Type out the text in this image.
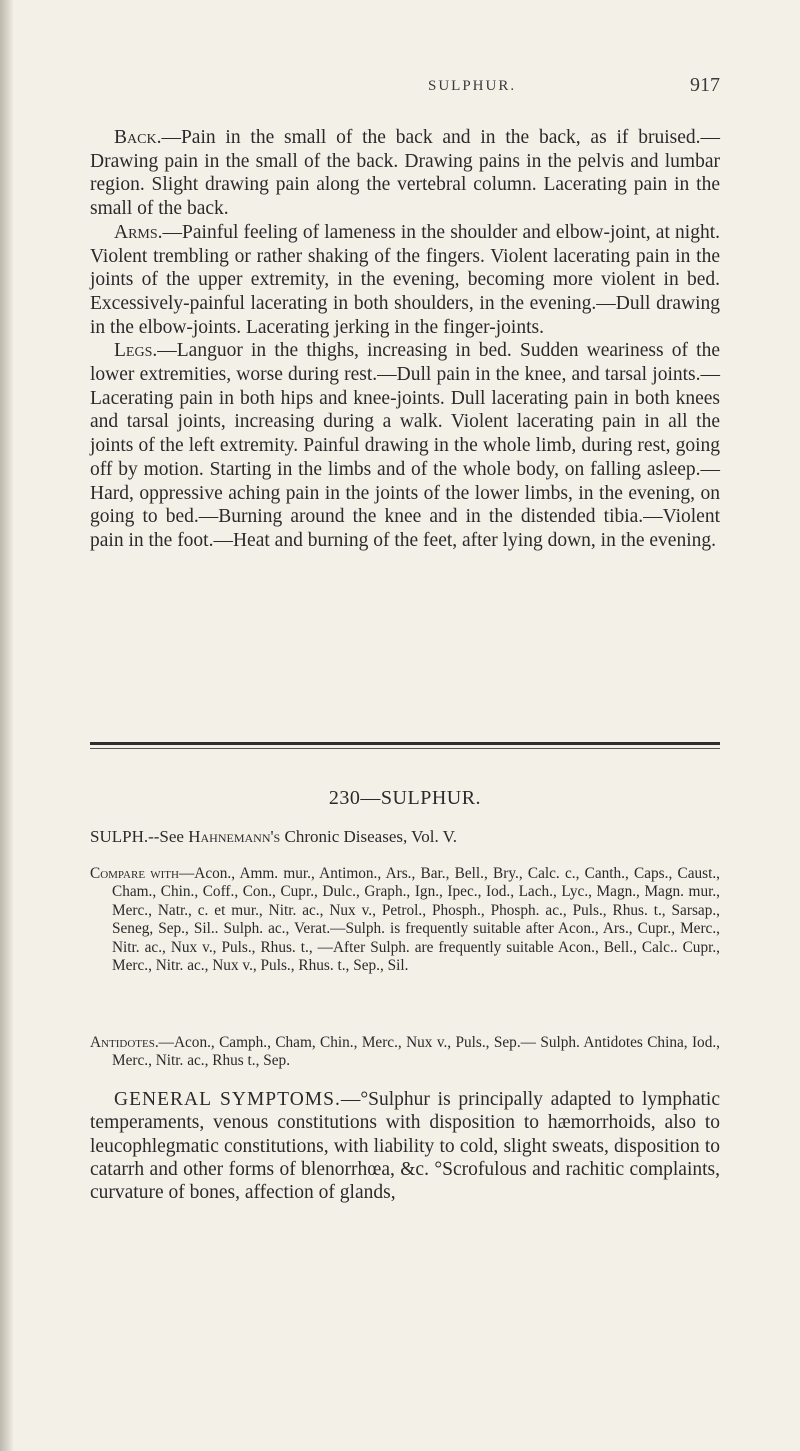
SULPHUR.	917

Back.—Pain in the small of the back and in the back, as if bruised.—Drawing pain in the small of the back. Drawing pains in the pelvis and lumbar region. Slight drawing pain along the vertebral column. Lacerating pain in the small of the back.

Arms.—Painful feeling of lameness in the shoulder and elbow-joint, at night. Violent trembling or rather shaking of the fingers. Violent lacerating pain in the joints of the upper extremity, in the evening, becoming more violent in bed. Excessively-painful lacerating in both shoulders, in the evening.—Dull drawing in the elbow-joints. Lacerating jerking in the finger-joints.

Legs.—Languor in the thighs, increasing in bed. Sudden weariness of the lower extremities, worse during rest.—Dull pain in the knee, and tarsal joints.—Lacerating pain in both hips and knee-joints. Dull lacerating pain in both knees and tarsal joints, increasing during a walk. Violent lacerating pain in all the joints of the left extremity. Painful drawing in the whole limb, during rest, going off by motion. Starting in the limbs and of the whole body, on falling asleep.—Hard, oppressive aching pain in the joints of the lower limbs, in the evening, on going to bed.—Burning around the knee and in the distended tibia.—Violent pain in the foot.—Heat and burning of the feet, after lying down, in the evening.

230—SULPHUR.
SULPH.--See Hahnemann's Chronic Diseases, Vol. V.

Compare with—Acon., Amm. mur., Antimon., Ars., Bar., Bell., Bry., Calc. c., Canth., Caps., Caust., Cham., Chin., Coff., Con., Cupr., Dulc., Graph., Ign., Ipec., Iod., Lach., Lyc., Magn., Magn. mur., Merc., Natr., c. et mur., Nitr. ac., Nux v., Petrol., Phosph., Phosph. ac., Puls., Rhus. t., Sarsap., Seneg, Sep., Sil.. Sulph. ac., Verat.—Sulph. is frequently suitable after Acon., Ars., Cupr., Merc., Nitr. ac., Nux v., Puls., Rhus. t., —After Sulph. are frequently suitable Acon., Bell., Calc.. Cupr., Merc., Nitr. ac., Nux v., Puls., Rhus. t., Sep., Sil.

Antidotes.—Acon., Camph., Cham, Chin., Merc., Nux v., Puls., Sep.— Sulph. Antidotes China, Iod., Merc., Nitr. ac., Rhus t., Sep.

GENERAL SYMPTOMS.—°Sulphur is principally adapted to lymphatic temperaments, venous constitutions with disposition to hæmorrhoids, also to leucophlegmatic constitutions, with liability to cold, slight sweats, disposition to catarrh and other forms of blenorrhœa, &c. °Scrofulous and rachitic complaints, curvature of bones, affection of glands,
